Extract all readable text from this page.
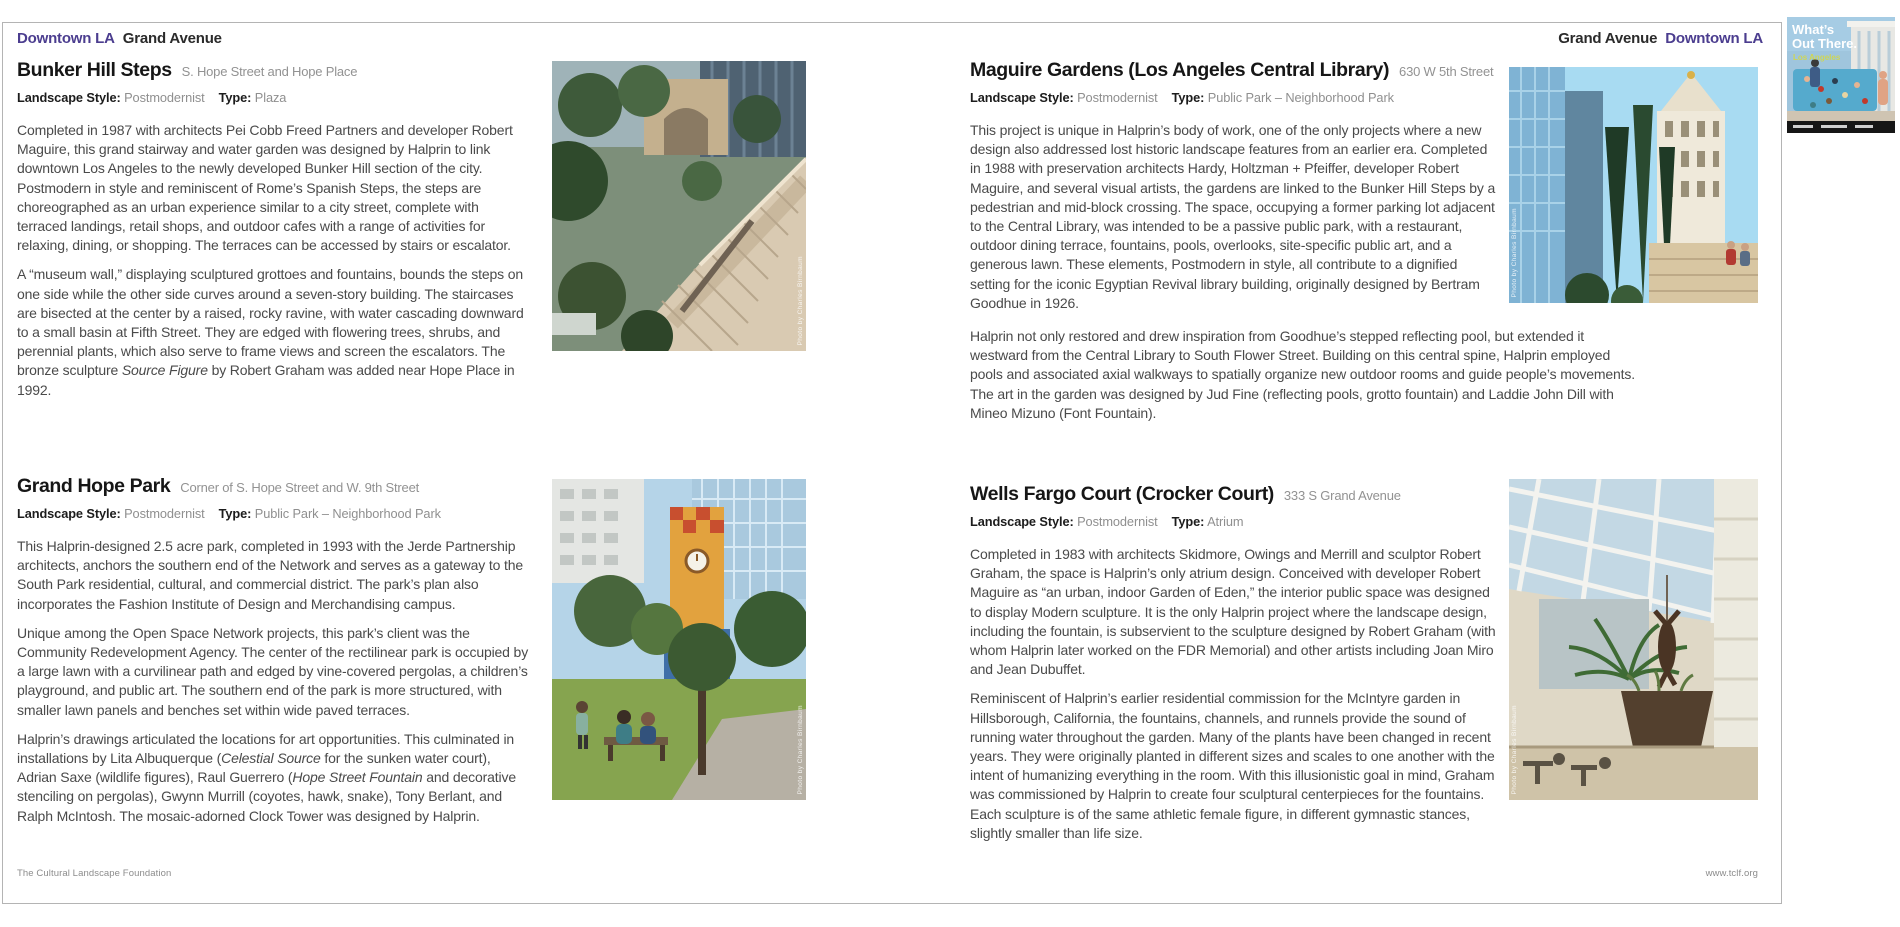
Downtown LA Grand Avenue	Grand Avenue Downtown LA
Bunker Hill Steps S. Hope Street and Hope Place
Landscape Style: Postmodernist Type: Plaza

Completed in 1987 with architects Pei Cobb Freed Partners and developer Robert Maguire, this grand stairway and water garden was designed by Halprin to link downtown Los Angeles to the newly developed Bunker Hill section of the city. Postmodern in style and reminiscent of Rome’s Spanish Steps, the steps are choreographed as an urban experience similar to a city street, complete with terraced landings, retail shops, and outdoor cafes with a range of activities for relaxing, dining, or shopping. The terraces can be accessed by stairs or escalator.

A “museum wall,” displaying sculptured grottoes and fountains, bounds the steps on one side while the other side curves around a seven-story building. The staircases are bisected at the center by a raised, rocky ravine, with water cascading downward to a small basin at Fifth Street. They are edged with flowering trees, shrubs, and perennial plants, which also serve to frame views and screen the escalators. The bronze sculpture Source Figure by Robert Graham was added near Hope Place in 1992.

Grand Hope Park Corner of S. Hope Street and W. 9th Street
Landscape Style: Postmodernist Type: Public Park – Neighborhood Park

This Halprin-designed 2.5 acre park, completed in 1993 with the Jerde Partnership architects, anchors the southern end of the Network and serves as a gateway to the South Park residential, cultural, and commercial district. The park’s plan also incorporates the Fashion Institute of Design and Merchandising campus.

Unique among the Open Space Network projects, this park’s client was the Community Redevelopment Agency. The center of the rectilinear park is occupied by a large lawn with a curvilinear path and edged by vine-covered pergolas, a children’s playground, and public art. The southern end of the park is more structured, with smaller lawn panels and benches set within wide paved terraces.

Halprin’s drawings articulated the locations for art opportunities. This culminated in installations by Lita Albuquerque (Celestial Source for the sunken water court), Adrian Saxe (wildlife figures), Raul Guerrero (Hope Street Fountain and decorative stenciling on pergolas), Gwynn Murrill (coyotes, hawk, snake), Tony Berlant, and Ralph McIntosh. The mosaic-adorned Clock Tower was designed by Halprin.

Maguire Gardens (Los Angeles Central Library) 630 W 5th Street
Landscape Style: Postmodernist Type: Public Park – Neighborhood Park

This project is unique in Halprin’s body of work, one of the only projects where a new design also addressed lost historic landscape features from an earlier era. Completed in 1988 with preservation architects Hardy, Holtzman + Pfeiffer, developer Robert Maguire, and several visual artists, the gardens are linked to the Bunker Hill Steps by a pedestrian and mid-block crossing. The space, occupying a former parking lot adjacent to the Central Library, was intended to be a passive public park, with a restaurant, outdoor dining terrace, fountains, pools, overlooks, site-specific public art, and a generous lawn. These elements, Postmodern in style, all contribute to a dignified setting for the iconic Egyptian Revival library building, originally designed by Bertram Goodhue in 1926.

Halprin not only restored and drew inspiration from Goodhue’s stepped reflecting pool, but extended it westward from the Central Library to South Flower Street. Building on this central spine, Halprin employed pools and associated axial walkways to spatially organize new outdoor rooms and guide people’s movements. The art in the garden was designed by Jud Fine (reflecting pools, grotto fountain) and Laddie John Dill with Mineo Mizuno (Font Fountain).

Wells Fargo Court (Crocker Court) 333 S Grand Avenue
Landscape Style: Postmodernist Type: Atrium

Completed in 1983 with architects Skidmore, Owings and Merrill and sculptor Robert Graham, the space is Halprin’s only atrium design. Conceived with developer Robert Maguire as “an urban, indoor Garden of Eden,” the interior public space was designed to display Modern sculpture. It is the only Halprin project where the landscape design, including the fountain, is subservient to the sculpture designed by Robert Graham (with whom Halprin later worked on the FDR Memorial) and other artists including Joan Miro and Jean Dubuffet.

Reminiscent of Halprin’s earlier residential commission for the McIntyre garden in Hillsborough, California, the fountains, channels, and runnels provide the sound of running water throughout the garden. Many of the plants have been changed in recent years. They were originally planted in different sizes and scales to one another with the intent of humanizing everything in the room. With this illusionistic goal in mind, Graham was commissioned by Halprin to create four sculptural centerpieces for the fountains. Each sculpture is of the same athletic female figure, in different gymnastic stances, slightly smaller than life size.

Photo by Charles Birnbaum
Photo by Charles Birnbaum
Photo by Charles Birnbaum
Photo by Charles Birnbaum
The Cultural Landscape Foundation	www.tclf.org
What’s
Out There.
Los Angeles
